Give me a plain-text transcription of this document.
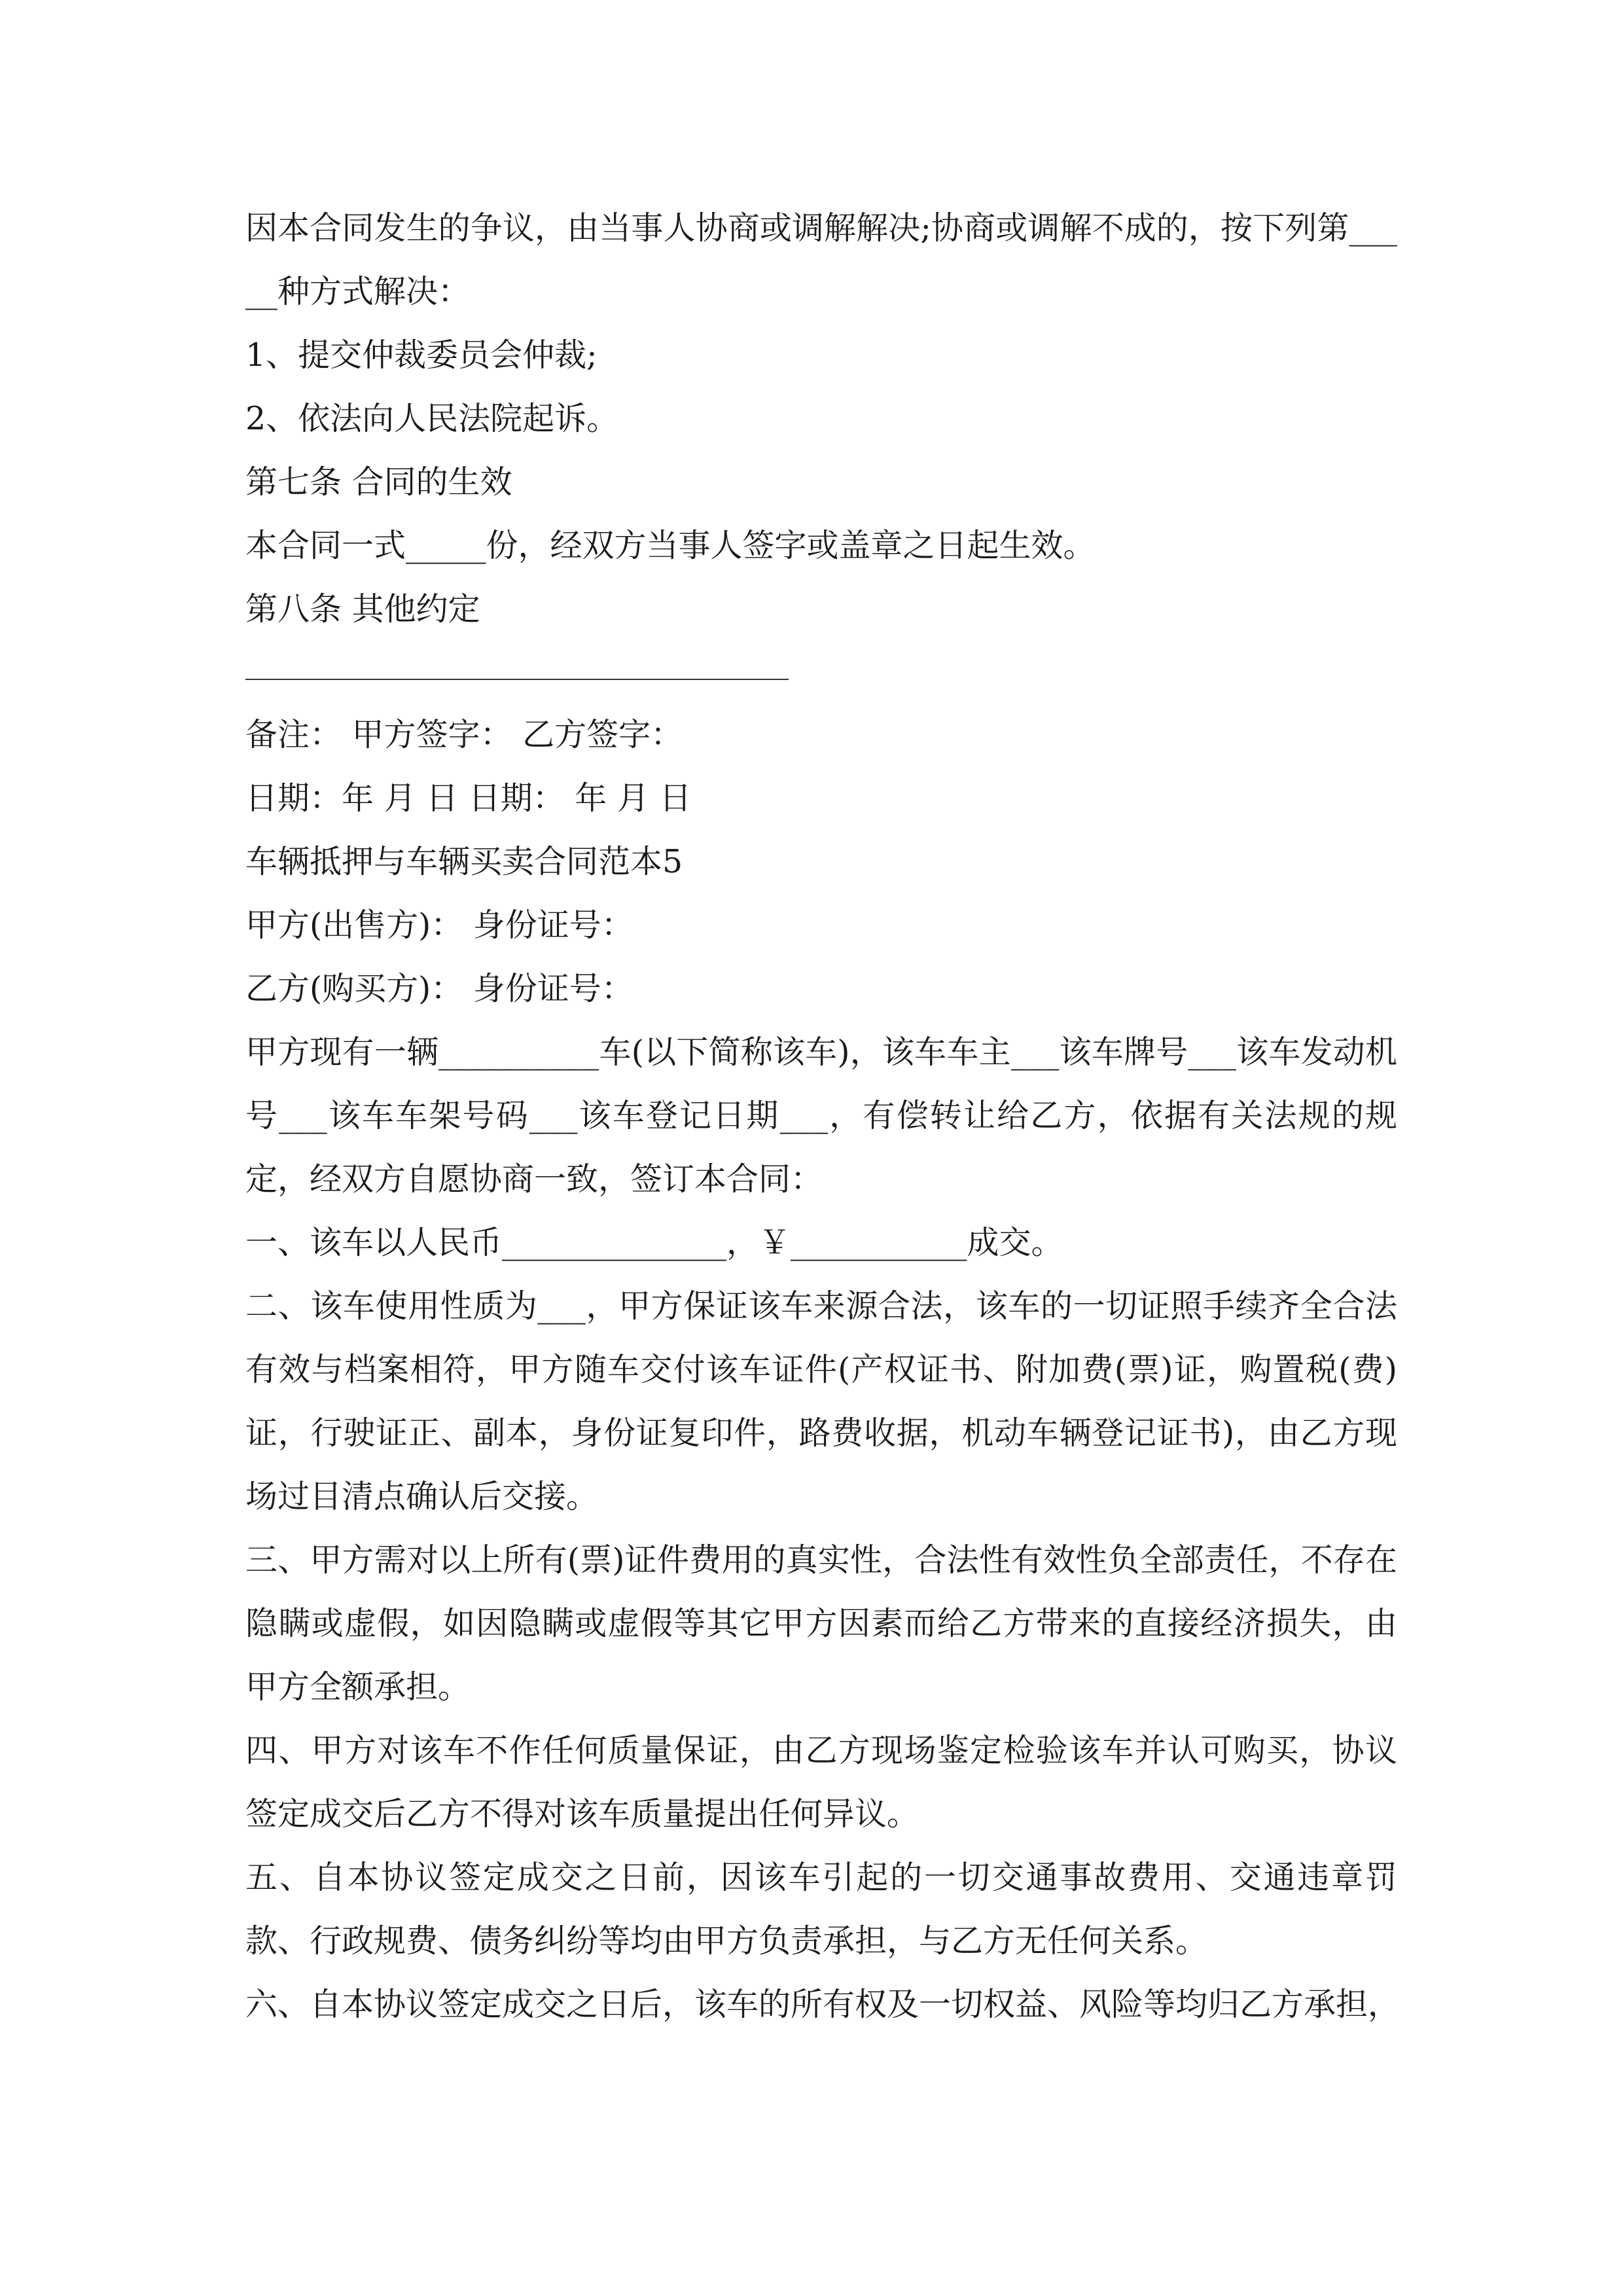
因本合同发生的争议，由当事人协商或调解解决;协商或调解不成的，按下列第_____种方式解决：
1、提交仲裁委员会仲裁;
2、依法向人民法院起诉。
第七条 合同的生效
本合同一式_____份，经双方当事人签字或盖章之日起生效。
第八条 其他约定
备注： 甲方签字： 乙方签字：
日期：年 月 日 日期： 年 月 日
车辆抵押与车辆买卖合同范本5
甲方(出售方)： 身份证号：
乙方(购买方)： 身份证号：
甲方现有一辆__________车(以下简称该车)，该车车主___该车牌号___该车发动机号___该车车架号码___该车登记日期___，有偿转让给乙方，依据有关法规的规定，经双方自愿协商一致，签订本合同：
一、该车以人民币______________，￥___________成交。
二、该车使用性质为___，甲方保证该车来源合法，该车的一切证照手续齐全合法有效与档案相符，甲方随车交付该车证件(产权证书、附加费(票)证，购置税(费)证，行驶证正、副本，身份证复印件，路费收据，机动车辆登记证书)，由乙方现场过目清点确认后交接。
三、甲方需对以上所有(票)证件费用的真实性，合法性有效性负全部责任，不存在隐瞒或虚假，如因隐瞒或虚假等其它甲方因素而给乙方带来的直接经济损失，由甲方全额承担。
四、甲方对该车不作任何质量保证，由乙方现场鉴定检验该车并认可购买，协议签定成交后乙方不得对该车质量提出任何异议。
五、自本协议签定成交之日前，因该车引起的一切交通事故费用、交通违章罚款、行政规费、债务纠纷等均由甲方负责承担，与乙方无任何关系。
六、自本协议签定成交之日后，该车的所有权及一切权益、风险等均归乙方承担，
